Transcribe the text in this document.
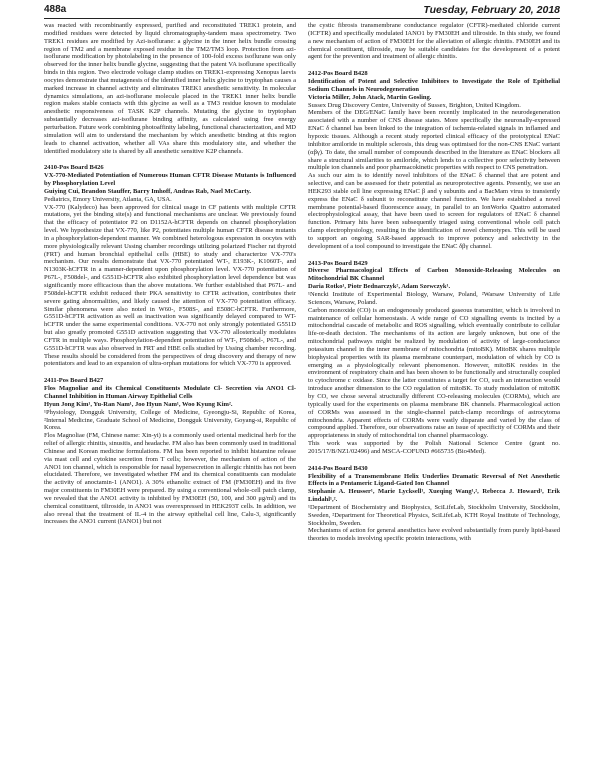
488a	Tuesday, February 20, 2018

was reacted with recombinantly expressed, purified and reconstituted TREK1 protein, and modified residues were detected by liquid chromatography-tandem mass spectrometry. Two TREK1 residues are modified by Azi-isoflurane: a glycine in the inner helix bundle crossing region of TM2 and a membrane exposed residue in the TM2/TM3 loop. Protection from azi-isoflurane modification by photolabeling in the presence of 100-fold excess isoflurane was only observed for the inner helix bundle glycine, suggesting that the patent VA isoflurane specifically binds in this region. Two electrode voltage clamp studies on TREK1-expressing Xenopus laevis oocytes demonstrate that mutagenesis of the identified inner helix glycine to tryptophan causes a marked increase in channel activity and eliminates TREK1 anesthetic sensitivity. In molecular dynamics simulations, an azi-isoflurane molecule placed in the TREK1 inner helix bundle region makes stable contacts with this glycine as well as a TM3 residue known to modulate anesthetic responsiveness of TASK K2P channels. Mutating the glycine to tryptophan substantially decreases azi-isoflurane binding affinity, as calculated using free energy perturbation. Future work combining photoaffinity labeling, functional characterization, and MD simulation will aim to understand the mechanism by which anesthetic binding at this region leads to channel activation, whether all VAs share this modulatory site, and whether the identified modulatory site is shared by all anesthetic sensitive K2P channels.

2410-Pos Board B426

VX-770-Mediated Potentiation of Numerous Human CFTR Disease Mutants is Influenced by Phosphorylation Level

Guiying Cui, Brandon Stauffer, Barry Imhoff, Andras Rab, Nael McCarty.

Pediatrics, Emory University, Atlanta, GA, USA.

VX-770 (Kalydeco) has been approved for clinical usage in CF patients with multiple CFTR mutations, yet the binding site(s) and functional mechanisms are unclear. We previously found that the efficacy of potentiator P2 on D1152A-hCFTR depends on channel phosphorylation level. We hypothesize that VX-770, like P2, potentiates multiple human CFTR disease mutants in a phosphorylation-dependent manner. We combined heterologous expression in oocytes with more physiologically relevant Ussing chamber recordings utilizing polarized Fischer rat thyroid (FRT) and human bronchial epithelial cells (HBE) to study and characterize VX-770's mechanism. Our results demonstrate that VX-770 potentiated WT-, E193K-, K1060T-, and N1303K-hCFTR in a manner-dependent upon phosphorylation level. VX-770 potentiation of P67L-, F508del-, and G551D-hCFTR also exhibited phosphorylation level dependence but was significantly more efficacious than the above mutations. We further established that P67L- and F508del-hCFTR exhibit reduced their PKA sensitivity to CFTR activation, contributes their severe gating abnormalities, and likely caused the attention of VX-770 potentiation efficacy. Similar phenomena were also noted in W60-, F508S-, and E508C-hCFTR. Furthermore, G551D-hCFTR activation as well as inactivation was significantly delayed compared to WT-hCFTR under the same experimental conditions. VX-770 not only strongly potentiated G551D but also greatly promoted G551D activation suggesting that VX-770 allosterically modulates CFTR in multiple ways. Phosphorylation-dependent potentiation of WT-, F508del-, P67L-, and G551D-hCFTR was also observed in FRT and HBE cells studied by Ussing chamber recording. These results should be considered from the perspectives of drug discovery and therapy of new potentiators and lead to an expansion of ultra-orphan mutations for which VX-770 is approved.

2411-Pos Board B427

Flos Magnoliae and its Chemical Constituents Modulate Cl- Secretion via ANO1 Cl- Channel Inhibition in Human Airway Epithelial Cells

Hyun Jong Kim¹, Yu-Ran Nam¹, Joo Hyun Nam¹, Woo Kyung Kim².

¹Physiology, Dongguk University, College of Medicine, Gyeongju-Si, Republic of Korea, ²Internal Medicine, Graduate School of Medicine, Dongguk University, Goyang-si, Republic of Korea.

Flos Magnoliae (FM, Chinese name: Xin-yi) is a commonly used oriental medicinal herb for the relief of allergic rhinitis, sinusitis, and headache. FM also has been commonly used in traditional Chinese and Korean medicine formulations. FM has been reported to inhibit histamine release via mast cell and cytokine secretion from T cells; however, the mechanism of action of the ANO1 ion channel, which is responsible for nasal hypersecretion in allergic rhinitis has not been elucidated. Therefore, we investigated whether FM and its chemical constituents can modulate the activity of anoctamin-1 (ANO1). A 30% ethanolic extract of FM (FM30EH) and its five major constituents in FM30EH were prepared. By using a conventional whole-cell patch clamp, we revealed that the ANO1 activity is inhibited by FM30EH (50, 100, and 300 μg/ml) and its chemical constituent, tiliroside, in ANO1 was overexpressed in HEK293T cells. In addition, we also reveal that the treatment of IL-4 in the airway epithelial cell line, Calu-3, significantly increases the ANO1 current (IANO1) but not

the cystic fibrosis transmembrane conductance regulator (CFTR)-mediated chloride current (ICFTR) and specifically modulated IANO1 by FM30EH and tiliroside. In this study, we found a new mechanism of action of FM30EH for the alleviation of allergic rhinitis. FM30EH and its chemical constituent, tiliroside, may be suitable candidates for the development of a potent agent for the prevention and treatment of allergic rhinitis.

2412-Pos Board B428

Identification of Potent and Selective Inhibitors to Investigate the Role of Epithelial Sodium Channels in Neurodegeneration

Victoria Miller, John Atack, Martin Gosling.

Sussex Drug Discovery Centre, University of Sussex, Brighton, United Kingdom.

Members of the DEG/ENaC family have been recently implicated in the neurodegeneration associated with a number of CNS disease states. More specifically the neuronally-expressed ENaC δ channel has been linked to the integration of ischemia-related signals in inflamed and hypoxic tissues. Although a recent study reported clinical efficacy of the prototypical ENaC inhibitor amiloride in multiple sclerosis, this drug was optimised for the non-CNS ENaC variant (αβγ). To date, the small number of compounds described in the literature as ENaC blockers all share a structural similarities to amiloride, which lends to a collective poor selectivity between multiple ion channels and poor pharmacokinetic properties with respect to CNS penetration.

As such our aim is to identify novel inhibitors of the ENaC δ channel that are potent and selective, and can be assessed for their potential as neuroprotective agents. Presently, we use an HEK293 stable cell line expressing ENaC β and γ subunits and a BacMam virus to transiently express the ENaC δ subunit to reconstitute channel function. We have established a novel membrane potential-based fluorescence assay, in parallel to an IonWorks Quattro automated electrophysiological assay, that have been used to screen for regulators of ENaC δ channel function. Primary hits have been subsequently triaged using conventional whole cell patch clamp electrophysiology, resulting in the identification of novel chemotypes. This will be used to support an ongoing SAR-based approach to improve potency and selectivity in the development of a tool compound to investigate the ENaC δβγ channel.

2413-Pos Board B429

Diverse Pharmacological Effects of Carbon Monoxide-Releasing Molecules on Mitochondrial BK Channel

Daria Rotko¹, Piotr Bednarczyk², Adam Szewczyk¹.

¹Nencki Institute of Experimental Biology, Warsaw, Poland, ²Warsaw University of Life Sciences, Warsaw, Poland.

Carbon monoxide (CO) is an endogenously produced gaseous transmitter, which is involved in maintenance of cellular homeostasis. A wide range of CO signalling events is incited by a mitochondrial cascade of metabolic and ROS signalling, which eventually contribute to cellular life-or-death decision. The mechanisms of its action are largely unknown, but one of the mitochondrial pathways might be realized by modulation of activity of large-conductance potassium channel in the inner membrane of mitochondria (mitoBK). MitoBK shares multiple biophysical properties with its plasma membrane counterpart, modulation of which by CO is emerging as a physiologically relevant phenomenon. However, mitoBK resides in the environment of respiratory chain and has been shown to be functionally and structurally coupled to cytochrome c oxidase. Since the latter constitutes a target for CO, such an interaction would introduce another dimension to the CO regulation of mitoBK. To study modulation of mitoBK by CO, we chose several structurally different CO-releasing molecules (CORMs), which are typically used for the experiments on plasma membrane BK channels. Pharmacological action of CORMs was assessed in the single-channel patch-clamp recordings of astrocytoma mitochondria. Apparent effects of CORMs were vastly disparate and varied by the class of compound applied. Therefore, our observations raise an issue of specificity of CORMs and their appropriateness in study of mitochondrial ion channel pharmacology.

This work was supported by the Polish National Science Centre (grant no. 2015/17/B/NZ1/02496) and MSCA-COFUND #665735 (Bio4Med).

2414-Pos Board B430

Flexibility of a Transmembrane Helix Underlies Dramatic Reversal of Net Anesthetic Effects in a Pentameric Ligand-Gated Ion Channel

Stephanie A. Heusser¹, Marie Lycksell¹, Xueqing Wang¹,², Rebecca J. Howard¹, Erik Lindahl¹,².

¹Department of Biochemistry and Biophysics, SciLifeLab, Stockholm University, Stockholm, Sweden, ²Department for Theoretical Physics, SciLifeLab, KTH Royal Institute of Technology, Stockholm, Sweden.

Mechanisms of action for general anesthetics have evolved substantially from purely lipid-based theories to models involving specific protein interactions, with
